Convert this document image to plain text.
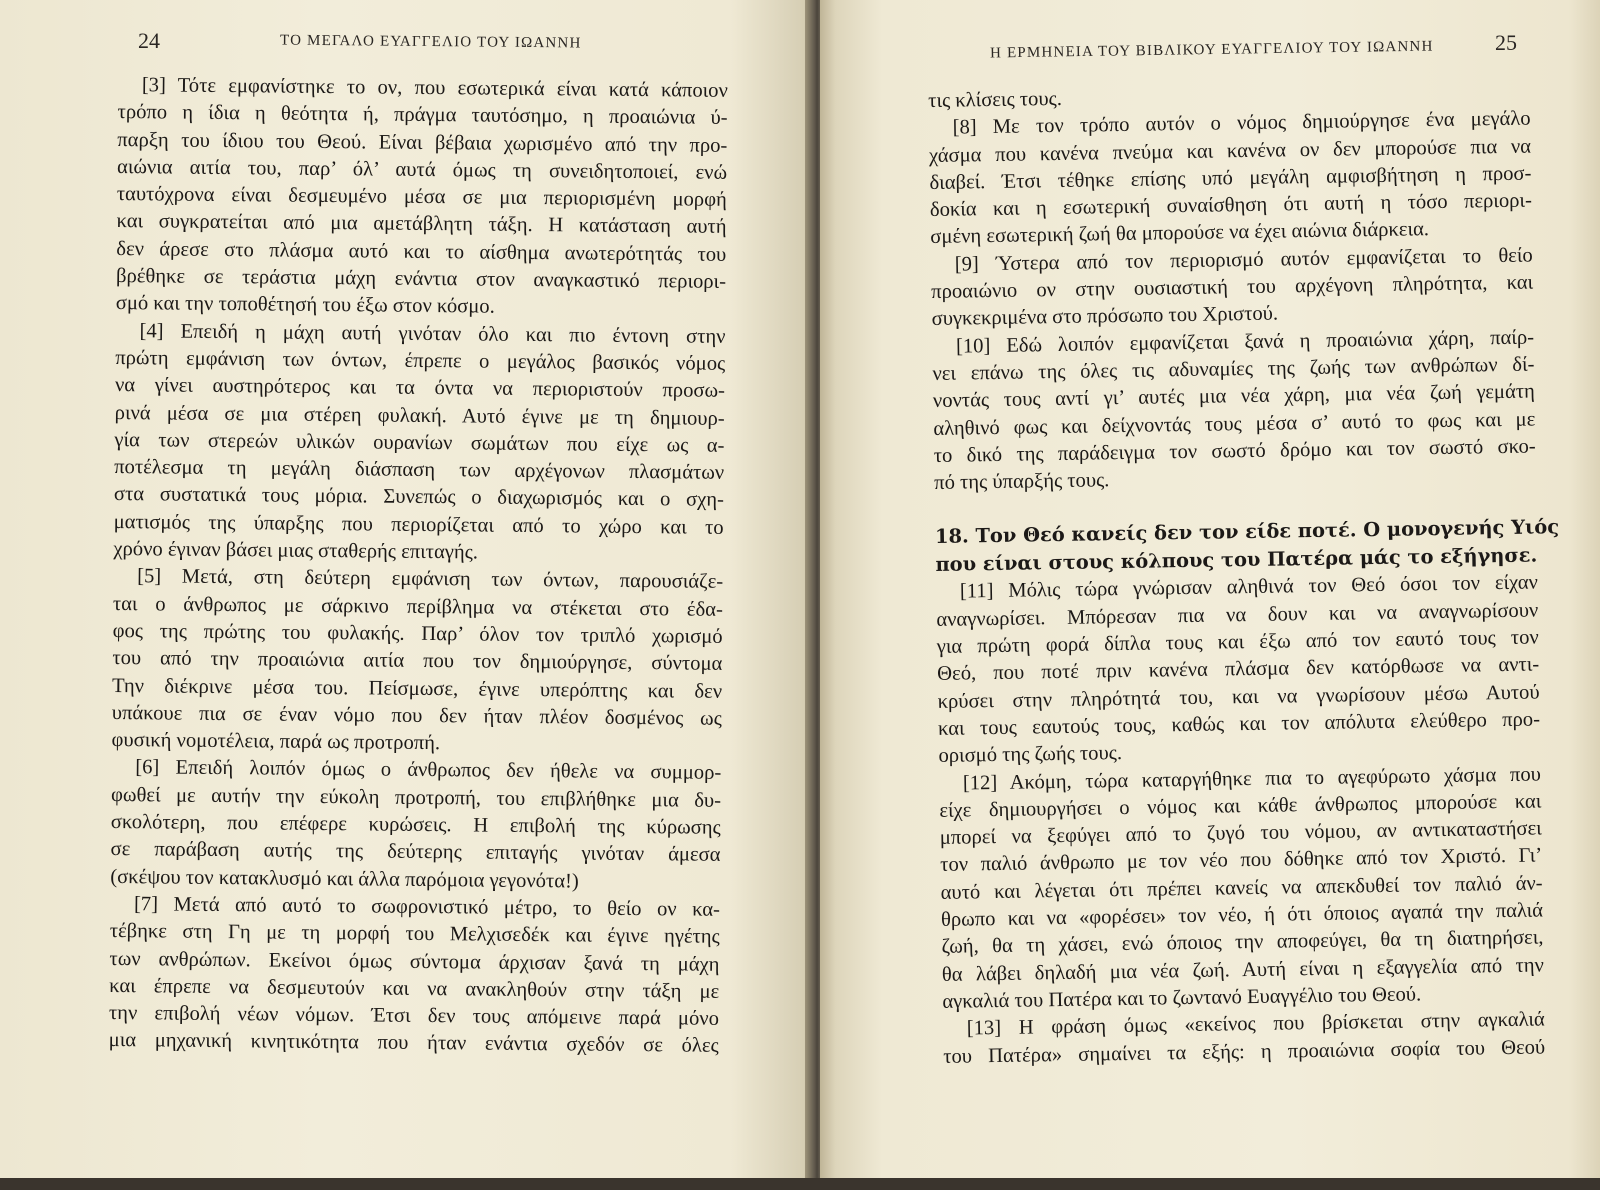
24	ΤΟ ΜΕΓΑΛΟ ΕΥΑΓΓΕΛΙΟ ΤΟΥ ΙΩΑΝΝΗ
[3] Τότε εμφανίστηκε το ον, που εσωτερικά είναι κατά κάποιον
τρόπο η ίδια η θεότητα ή, πράγμα ταυτόσημο, η προαιώνια ύ-
παρξη του ίδιου του Θεού. Είναι βέβαια χωρισμένο από την προ-
αιώνια αιτία του, παρ’ όλ’ αυτά όμως τη συνειδητοποιεί, ενώ
ταυτόχρονα είναι δεσμευμένο μέσα σε μια περιορισμένη μορφή
και συγκρατείται από μια αμετάβλητη τάξη. Η κατάσταση αυτή
δεν άρεσε στο πλάσμα αυτό και το αίσθημα ανωτερότητάς του
βρέθηκε σε τεράστια μάχη ενάντια στον αναγκαστικό περιορι-
σμό και την τοποθέτησή του έξω στον κόσμο.
[4] Επειδή η μάχη αυτή γινόταν όλο και πιο έντονη στην
πρώτη εμφάνιση των όντων, έπρεπε ο μεγάλος βασικός νόμος
να γίνει αυστηρότερος και τα όντα να περιοριστούν προσω-
ρινά μέσα σε μια στέρεη φυλακή. Αυτό έγινε με τη δημιουρ-
γία των στερεών υλικών ουρανίων σωμάτων που είχε ως α-
ποτέλεσμα τη μεγάλη διάσπαση των αρχέγονων πλασμάτων
στα συστατικά τους μόρια. Συνεπώς ο διαχωρισμός και ο σχη-
ματισμός της ύπαρξης που περιορίζεται από το χώρο και το
χρόνο έγιναν βάσει μιας σταθερής επιταγής.
[5] Μετά, στη δεύτερη εμφάνιση των όντων, παρουσιάζε-
ται ο άνθρωπος με σάρκινο περίβλημα να στέκεται στο έδα-
φος της πρώτης του φυλακής. Παρ’ όλον τον τριπλό χωρισμό
του από την προαιώνια αιτία που τον δημιούργησε, σύντομα
Την διέκρινε μέσα του. Πείσμωσε, έγινε υπερόπτης και δεν
υπάκουε πια σε έναν νόμο που δεν ήταν πλέον δοσμένος ως
φυσική νομοτέλεια, παρά ως προτροπή.
[6] Επειδή λοιπόν όμως ο άνθρωπος δεν ήθελε να συμμορ-
φωθεί με αυτήν την εύκολη προτροπή, του επιβλήθηκε μια δυ-
σκολότερη, που επέφερε κυρώσεις. Η επιβολή της κύρωσης
σε παράβαση αυτής της δεύτερης επιταγής γινόταν άμεσα
(σκέψου τον κατακλυσμό και άλλα παρόμοια γεγονότα!)
[7] Μετά από αυτό το σωφρονιστικό μέτρο, το θείο ον κα-
τέβηκε στη Γη με τη μορφή του Μελχισεδέκ και έγινε ηγέτης
των ανθρώπων. Εκείνοι όμως σύντομα άρχισαν ξανά τη μάχη
και έπρεπε να δεσμευτούν και να ανακληθούν στην τάξη με
την επιβολή νέων νόμων. Έτσι δεν τους απόμεινε παρά μόνο
μια μηχανική κινητικότητα που ήταν ενάντια σχεδόν σε όλες
Η ΕΡΜΗΝΕΙΑ ΤΟΥ ΒΙΒΛΙΚΟΥ ΕΥΑΓΓΕΛΙΟΥ ΤΟΥ ΙΩΑΝΝΗ	25
τις κλίσεις τους.
[8] Με τον τρόπο αυτόν ο νόμος δημιούργησε ένα μεγάλο
χάσμα που κανένα πνεύμα και κανένα ον δεν μπορούσε πια να
διαβεί. Έτσι τέθηκε επίσης υπό μεγάλη αμφισβήτηση η προσ-
δοκία και η εσωτερική συναίσθηση ότι αυτή η τόσο περιορι-
σμένη εσωτερική ζωή θα μπορούσε να έχει αιώνια διάρκεια.
[9] Ύστερα από τον περιορισμό αυτόν εμφανίζεται το θείο
προαιώνιο ον στην ουσιαστική του αρχέγονη πληρότητα, και
συγκεκριμένα στο πρόσωπο του Χριστού.
[10] Εδώ λοιπόν εμφανίζεται ξανά η προαιώνια χάρη, παίρ-
νει επάνω της όλες τις αδυναμίες της ζωής των ανθρώπων δί-
νοντάς τους αντί γι’ αυτές μια νέα χάρη, μια νέα ζωή γεμάτη
αληθινό φως και δείχνοντάς τους μέσα σ’ αυτό το φως και με
το δικό της παράδειγμα τον σωστό δρόμο και τον σωστό σκο-
πό της ύπαρξής τους.
18. Τον Θεό κανείς δεν τον είδε ποτέ. Ο μονογενής Υιός
που είναι στους κόλπους του Πατέρα μάς το εξήγησε.
[11] Μόλις τώρα γνώρισαν αληθινά τον Θεό όσοι τον είχαν
αναγνωρίσει. Μπόρεσαν πια να δουν και να αναγνωρίσουν
για πρώτη φορά δίπλα τους και έξω από τον εαυτό τους τον
Θεό, που ποτέ πριν κανένα πλάσμα δεν κατόρθωσε να αντι-
κρύσει στην πληρότητά του, και να γνωρίσουν μέσω Αυτού
και τους εαυτούς τους, καθώς και τον απόλυτα ελεύθερο προ-
ορισμό της ζωής τους.
[12] Ακόμη, τώρα καταργήθηκε πια το αγεφύρωτο χάσμα που
είχε δημιουργήσει ο νόμος και κάθε άνθρωπος μπορούσε και
μπορεί να ξεφύγει από το ζυγό του νόμου, αν αντικαταστήσει
τον παλιό άνθρωπο με τον νέο που δόθηκε από τον Χριστό. Γι’
αυτό και λέγεται ότι πρέπει κανείς να απεκδυθεί τον παλιό άν-
θρωπο και να «φορέσει» τον νέο, ή ότι όποιος αγαπά την παλιά
ζωή, θα τη χάσει, ενώ όποιος την αποφεύγει, θα τη διατηρήσει,
θα λάβει δηλαδή μια νέα ζωή. Αυτή είναι η εξαγγελία από την
αγκαλιά του Πατέρα και το ζωντανό Ευαγγέλιο του Θεού.
[13] Η φράση όμως «εκείνος που βρίσκεται στην αγκαλιά
του Πατέρα» σημαίνει τα εξής: η προαιώνια σοφία του Θεού
